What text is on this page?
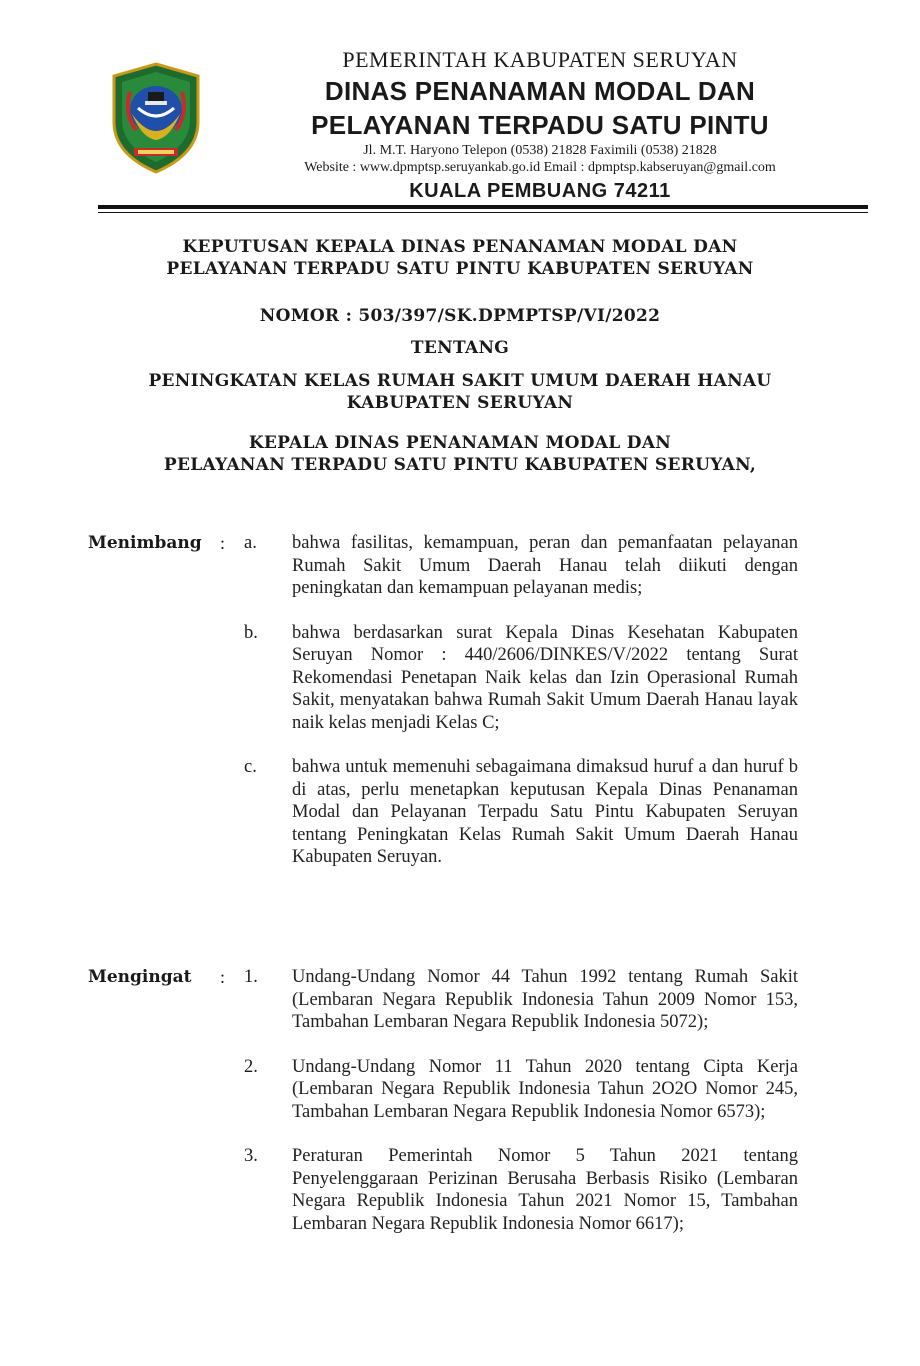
PEMERINTAH KABUPATEN SERUYAN
DINAS PENANAMAN MODAL DAN
PELAYANAN TERPADU SATU PINTU
Jl. M.T. Haryono Telepon (0538) 21828 Faximili (0538) 21828
Website : www.dpmptsp.seruyankab.go.id Email : dpmptsp.kabseruyan@gmail.com
KUALA PEMBUANG 74211
KEPUTUSAN KEPALA DINAS PENANAMAN MODAL DAN
PELAYANAN TERPADU SATU PINTU KABUPATEN SERUYAN
NOMOR : 503/397/SK.DPMPTSP/VI/2022
TENTANG
PENINGKATAN KELAS RUMAH SAKIT UMUM DAERAH HANAU
KABUPATEN SERUYAN
KEPALA DINAS PENANAMAN MODAL DAN
PELAYANAN TERPADU SATU PINTU KABUPATEN SERUYAN,
Menimbang	: a.	bahwa fasilitas, kemampuan, peran dan pemanfaatan pelayanan Rumah Sakit Umum Daerah Hanau telah diikuti dengan peningkatan dan kemampuan pelayanan medis;
b.	bahwa berdasarkan surat Kepala Dinas Kesehatan Kabupaten Seruyan Nomor : 440/2606/DINKES/V/2022 tentang Surat Rekomendasi Penetapan Naik kelas dan Izin Operasional Rumah Sakit, menyatakan bahwa Rumah Sakit Umum Daerah Hanau layak naik kelas menjadi Kelas C;
c.	bahwa untuk memenuhi sebagaimana dimaksud huruf a dan huruf b di atas, perlu menetapkan keputusan Kepala Dinas Penanaman Modal dan Pelayanan Terpadu Satu Pintu Kabupaten Seruyan tentang Peningkatan Kelas Rumah Sakit Umum Daerah Hanau Kabupaten Seruyan.
Mengingat	: 1.	Undang-Undang Nomor 44 Tahun 1992 tentang Rumah Sakit (Lembaran Negara Republik Indonesia Tahun 2009 Nomor 153, Tambahan Lembaran Negara Republik Indonesia 5072);
2.	Undang-Undang Nomor 11 Tahun 2020 tentang Cipta Kerja (Lembaran Negara Republik Indonesia Tahun 2O2O Nomor 245, Tambahan Lembaran Negara Republik Indonesia Nomor 6573);
3.	Peraturan Pemerintah Nomor 5 Tahun 2021 tentang Penyelenggaraan Perizinan Berusaha Berbasis Risiko (Lembaran Negara Republik Indonesia Tahun 2021 Nomor 15, Tambahan Lembaran Negara Republik Indonesia Nomor 6617);
